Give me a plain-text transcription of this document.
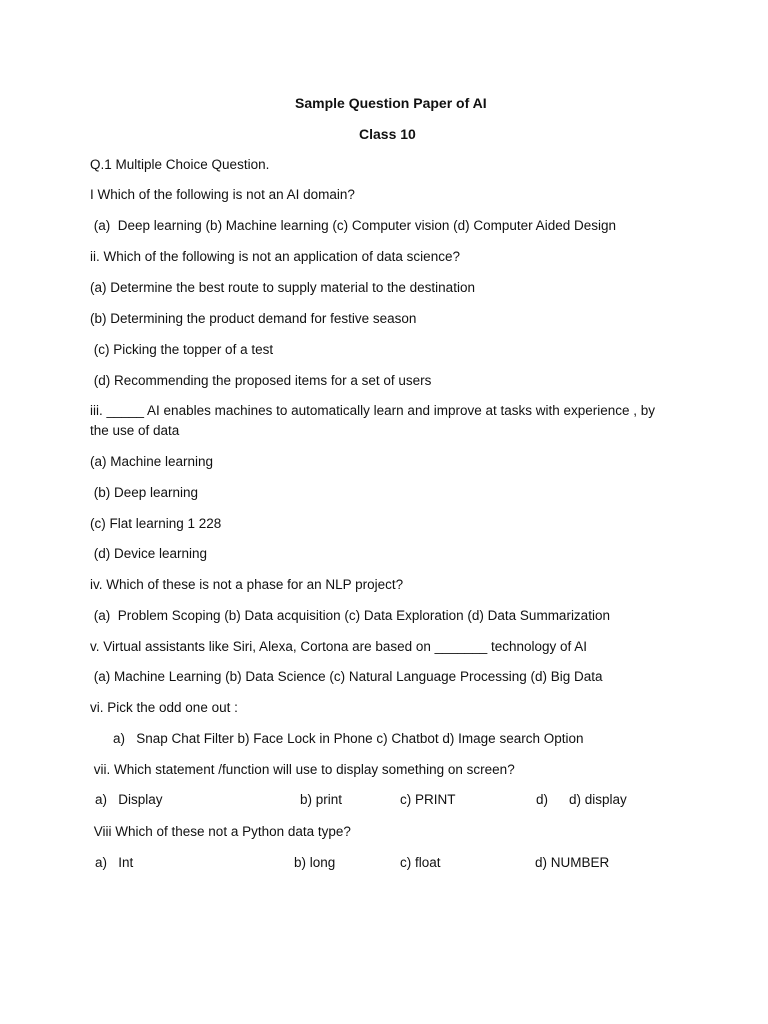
Sample Question Paper of AI
Class 10
Q.1 Multiple Choice Question.
I Which of the following is not an AI domain?
(a)  Deep learning (b) Machine learning (c) Computer vision (d) Computer Aided Design
ii. Which of the following is not an application of data science?
(a) Determine the best route to supply material to the destination
(b) Determining the product demand for festive season
(c) Picking the topper of a test
(d) Recommending the proposed items for a set of users
iii. _____ AI enables machines to automatically learn and improve at tasks with experience , by
the use of data
(a) Machine learning
(b) Deep learning
(c) Flat learning 1 228
(d) Device learning
iv. Which of these is not a phase for an NLP project?
(a)  Problem Scoping (b) Data acquisition (c) Data Exploration (d) Data Summarization
v. Virtual assistants like Siri, Alexa, Cortona are based on _______ technology of AI
(a) Machine Learning (b) Data Science (c) Natural Language Processing (d) Big Data
vi. Pick the odd one out :
a)   Snap Chat Filter b) Face Lock in Phone c) Chatbot d) Image search Option
vii. Which statement /function will use to display something on screen?
a)   Display	b) print	c) PRINT	d) d) display
Viii Which of these not a Python data type?
a)   Int	b) long	c) float	d) NUMBER
